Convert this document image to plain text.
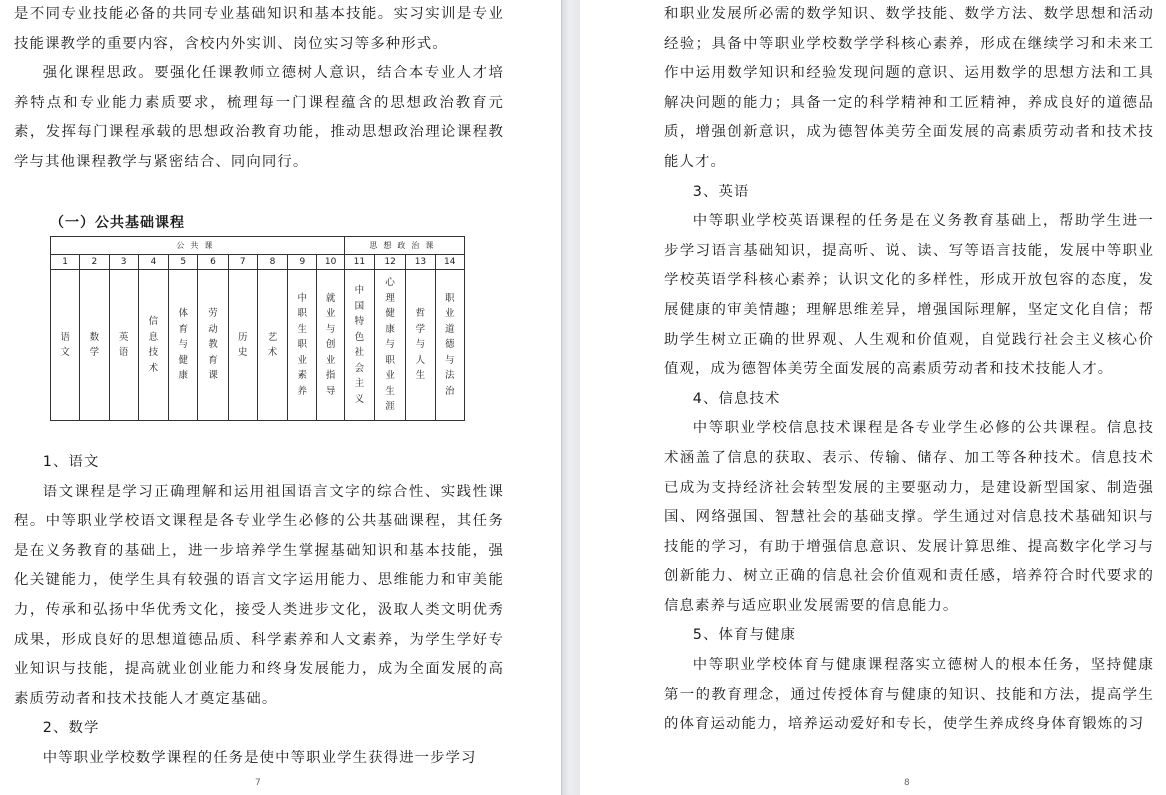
是不同专业技能必备的共同专业基础知识和基本技能。实习实训是专业技能课教学的重要内容，含校内外实训、岗位实习等多种形式。

强化课程思政。要强化任课教师立德树人意识，结合本专业人才培养特点和专业能力素质要求，梳理每一门课程蕴含的思想政治教育元素，发挥每门课程承载的思想政治教育功能，推动思想政治理论课程教学与其他课程教学与紧密结合、同向同行。

（一）公共基础课程
公共课										思想政治课			
1	2	3	4	5	6	7	8	9	10	11	12	13	14
语文	数学	英语	信息技术	体育与健康	劳动教育课	历史	艺术	中职生职业素养	就业与创业指导	中国特色社会主义	心理健康与职业生涯	哲学与人生	职业道德与法治

1、语文

语文课程是学习正确理解和运用祖国语言文字的综合性、实践性课程。中等职业学校语文课程是各专业学生必修的公共基础课程，其任务是在义务教育的基础上，进一步培养学生掌握基础知识和基本技能，强化关键能力，使学生具有较强的语言文字运用能力、思维能力和审美能力，传承和弘扬中华优秀文化，接受人类进步文化，汲取人类文明优秀成果，形成良好的思想道德品质、科学素养和人文素养，为学生学好专业知识与技能，提高就业创业能力和终身发展能力，成为全面发展的高素质劳动者和技术技能人才奠定基础。

2、数学

中等职业学校数学课程的任务是使中等职业学生获得进一步学习

7

和职业发展所必需的数学知识、数学技能、数学方法、数学思想和活动经验；具备中等职业学校数学学科核心素养，形成在继续学习和未来工作中运用数学知识和经验发现问题的意识、运用数学的思想方法和工具解决问题的能力；具备一定的科学精神和工匠精神，养成良好的道德品质，增强创新意识，成为德智体美劳全面发展的高素质劳动者和技术技能人才。

3、英语

中等职业学校英语课程的任务是在义务教育基础上，帮助学生进一步学习语言基础知识，提高听、说、读、写等语言技能，发展中等职业学校英语学科核心素养；认识文化的多样性，形成开放包容的态度，发展健康的审美情趣；理解思维差异，增强国际理解，坚定文化自信；帮助学生树立正确的世界观、人生观和价值观，自觉践行社会主义核心价值观，成为德智体美劳全面发展的高素质劳动者和技术技能人才。

4、信息技术

中等职业学校信息技术课程是各专业学生必修的公共课程。信息技术涵盖了信息的获取、表示、传输、储存、加工等各种技术。信息技术已成为支持经济社会转型发展的主要驱动力，是建设新型国家、制造强国、网络强国、智慧社会的基础支撑。学生通过对信息技术基础知识与技能的学习，有助于增强信息意识、发展计算思维、提高数字化学习与创新能力、树立正确的信息社会价值观和责任感，培养符合时代要求的信息素养与适应职业发展需要的信息能力。

5、体育与健康

中等职业学校体育与健康课程落实立德树人的根本任务，坚持健康第一的教育理念，通过传授体育与健康的知识、技能和方法，提高学生的体育运动能力，培养运动爱好和专长，使学生养成终身体育锻炼的习

8
